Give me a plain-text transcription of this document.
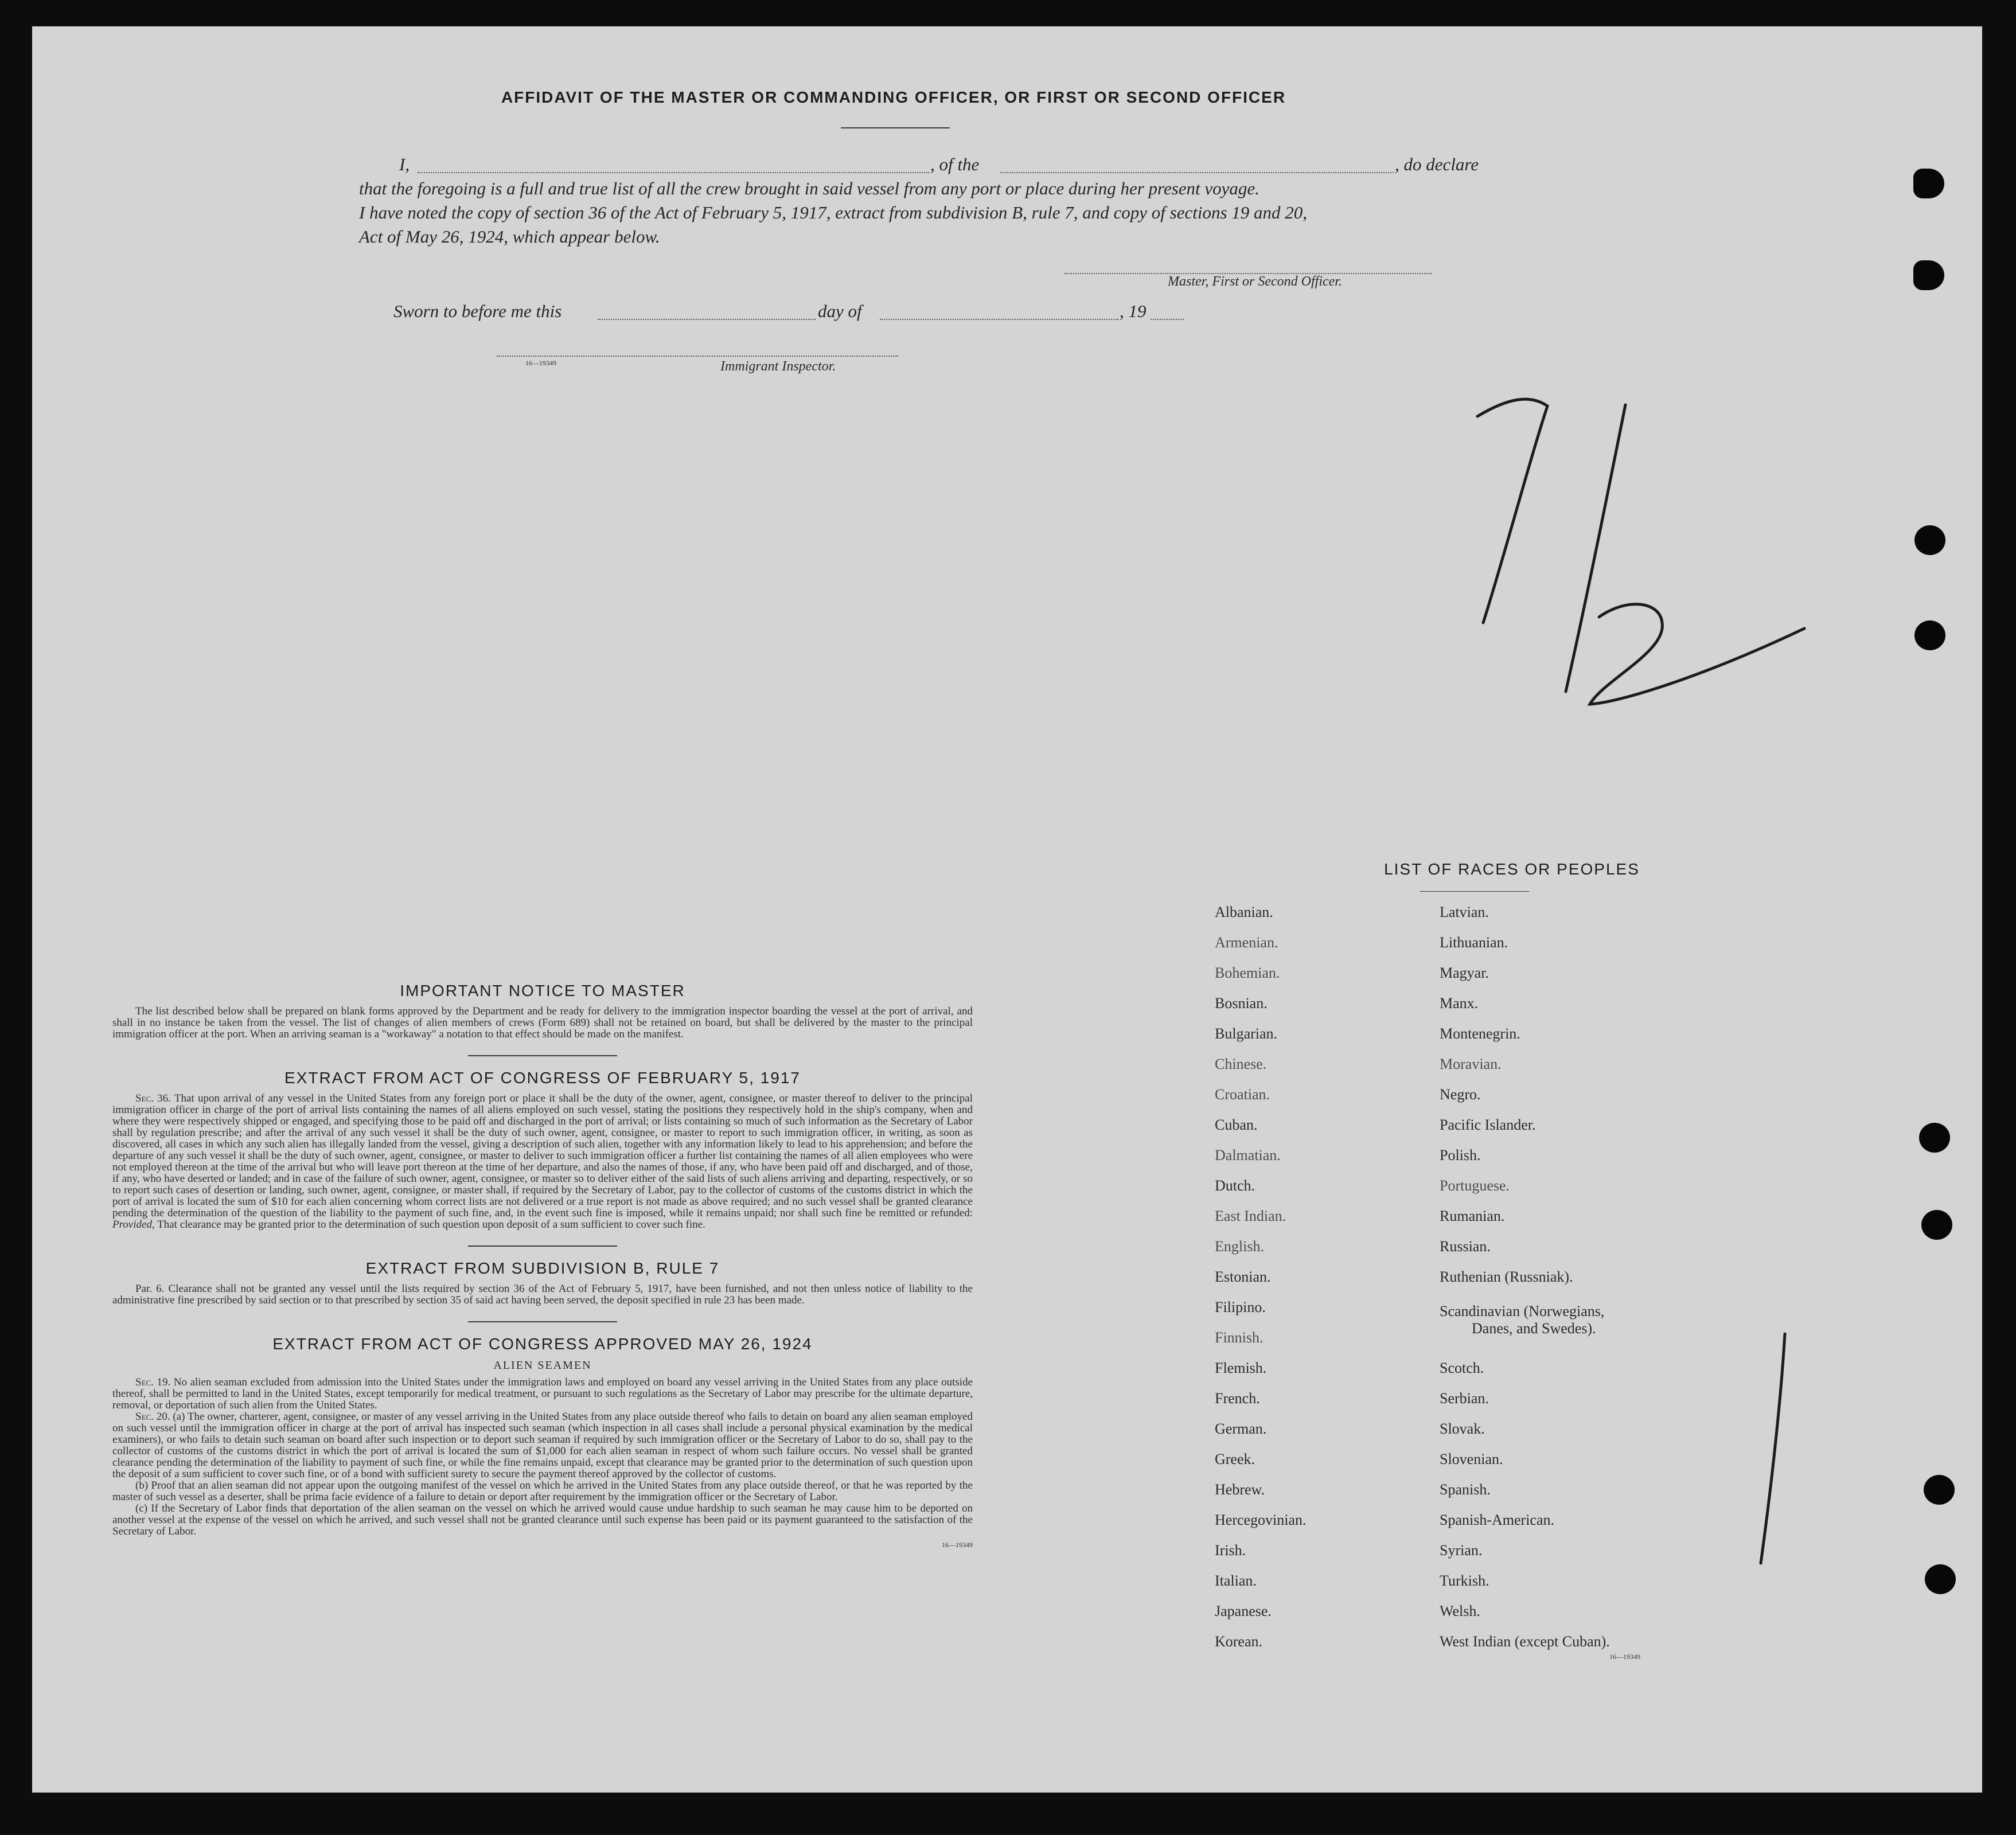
AFFIDAVIT OF THE MASTER OR COMMANDING OFFICER, OR FIRST OR SECOND OFFICER
I,	, of the	, do declare
that the foregoing is a full and true list of all the crew brought in said vessel from any port or place during her present voyage.
I have noted the copy of section 36 of the Act of February 5, 1917, extract from subdivision B, rule 7, and copy of sections 19 and 20,
Act of May 26, 1924, which appear below.
Master, First or Second Officer.
Sworn to before me this	day of	, 19
16—19349	Immigrant Inspector.
IMPORTANT NOTICE TO MASTER

The list described below shall be prepared on blank forms approved by the Department and be ready for delivery to the immigration inspector boarding the vessel at the port of arrival, and shall in no instance be taken from the vessel. The list of changes of alien members of crews (Form 689) shall not be retained on board, but shall be delivered by the master to the principal immigration officer at the port. When an arriving seaman is a "workaway" a notation to that effect should be made on the manifest.

EXTRACT FROM ACT OF CONGRESS OF FEBRUARY 5, 1917

Sec. 36. That upon arrival of any vessel in the United States from any foreign port or place it shall be the duty of the owner, agent, consignee, or master thereof to deliver to the principal immigration officer in charge of the port of arrival lists containing the names of all aliens employed on such vessel, stating the positions they respectively hold in the ship's company, when and where they were respectively shipped or engaged, and specifying those to be paid off and discharged in the port of arrival; or lists containing so much of such information as the Secretary of Labor shall by regulation prescribe; and after the arrival of any such vessel it shall be the duty of such owner, agent, consignee, or master to report to such immigration officer, in writing, as soon as discovered, all cases in which any such alien has illegally landed from the vessel, giving a description of such alien, together with any information likely to lead to his apprehension; and before the departure of any such vessel it shall be the duty of such owner, agent, consignee, or master to deliver to such immigration officer a further list containing the names of all alien employees who were not employed thereon at the time of the arrival but who will leave port thereon at the time of her departure, and also the names of those, if any, who have been paid off and discharged, and of those, if any, who have deserted or landed; and in case of the failure of such owner, agent, consignee, or master so to deliver either of the said lists of such aliens arriving and departing, respectively, or so to report such cases of desertion or landing, such owner, agent, consignee, or master shall, if required by the Secretary of Labor, pay to the collector of customs of the customs district in which the port of arrival is located the sum of $10 for each alien concerning whom correct lists are not delivered or a true report is not made as above required; and no such vessel shall be granted clearance pending the determination of the question of the liability to the payment of such fine, and, in the event such fine is imposed, while it remains unpaid; nor shall such fine be remitted or refunded: Provided, That clearance may be granted prior to the determination of such question upon deposit of a sum sufficient to cover such fine.

EXTRACT FROM SUBDIVISION B, RULE 7

Par. 6. Clearance shall not be granted any vessel until the lists required by section 36 of the Act of February 5, 1917, have been furnished, and not then unless notice of liability to the administrative fine prescribed by said section or to that prescribed by section 35 of said act having been served, the deposit specified in rule 23 has been made.

EXTRACT FROM ACT OF CONGRESS APPROVED MAY 26, 1924
ALIEN SEAMEN

Sec. 19. No alien seaman excluded from admission into the United States under the immigration laws and employed on board any vessel arriving in the United States from any place outside thereof, shall be permitted to land in the United States, except temporarily for medical treatment, or pursuant to such regulations as the Secretary of Labor may prescribe for the ultimate departure, removal, or deportation of such alien from the United States.

Sec. 20. (a) The owner, charterer, agent, consignee, or master of any vessel arriving in the United States from any place outside thereof who fails to detain on board any alien seaman employed on such vessel until the immigration officer in charge at the port of arrival has inspected such seaman (which inspection in all cases shall include a personal physical examination by the medical examiners), or who fails to detain such seaman on board after such inspection or to deport such seaman if required by such immigration officer or the Secretary of Labor to do so, shall pay to the collector of customs of the customs district in which the port of arrival is located the sum of $1,000 for each alien seaman in respect of whom such failure occurs. No vessel shall be granted clearance pending the determination of the liability to payment of such fine, or while the fine remains unpaid, except that clearance may be granted prior to the determination of such question upon the deposit of a sum sufficient to cover such fine, or of a bond with sufficient surety to secure the payment thereof approved by the collector of customs.

(b) Proof that an alien seaman did not appear upon the outgoing manifest of the vessel on which he arrived in the United States from any place outside thereof, or that he was reported by the master of such vessel as a deserter, shall be prima facie evidence of a failure to detain or deport after requirement by the immigration officer or the Secretary of Labor.

(c) If the Secretary of Labor finds that deportation of the alien seaman on the vessel on which he arrived would cause undue hardship to such seaman he may cause him to be deported on another vessel at the expense of the vessel on which he arrived, and such vessel shall not be granted clearance until such expense has been paid or its payment guaranteed to the satisfaction of the Secretary of Labor.

16—19349
LIST OF RACES OR PEOPLES
Albanian.
Armenian.
Bohemian.
Bosnian.
Bulgarian.
Chinese.
Croatian.
Cuban.
Dalmatian.
Dutch.
East Indian.
English.
Estonian.
Filipino.
Finnish.
Flemish.
French.
German.
Greek.
Hebrew.
Hercegovinian.
Irish.
Italian.
Japanese.
Korean.
Latvian.
Lithuanian.
Magyar.
Manx.
Montenegrin.
Moravian.
Negro.
Pacific Islander.
Polish.
Portuguese.
Rumanian.
Russian.
Ruthenian (Russniak).
Scandinavian (Norwegians,
Danes, and Swedes).
Scotch.
Serbian.
Slovak.
Slovenian.
Spanish.
Spanish-American.
Syrian.
Turkish.
Welsh.
West Indian (except Cuban).
16—19349
